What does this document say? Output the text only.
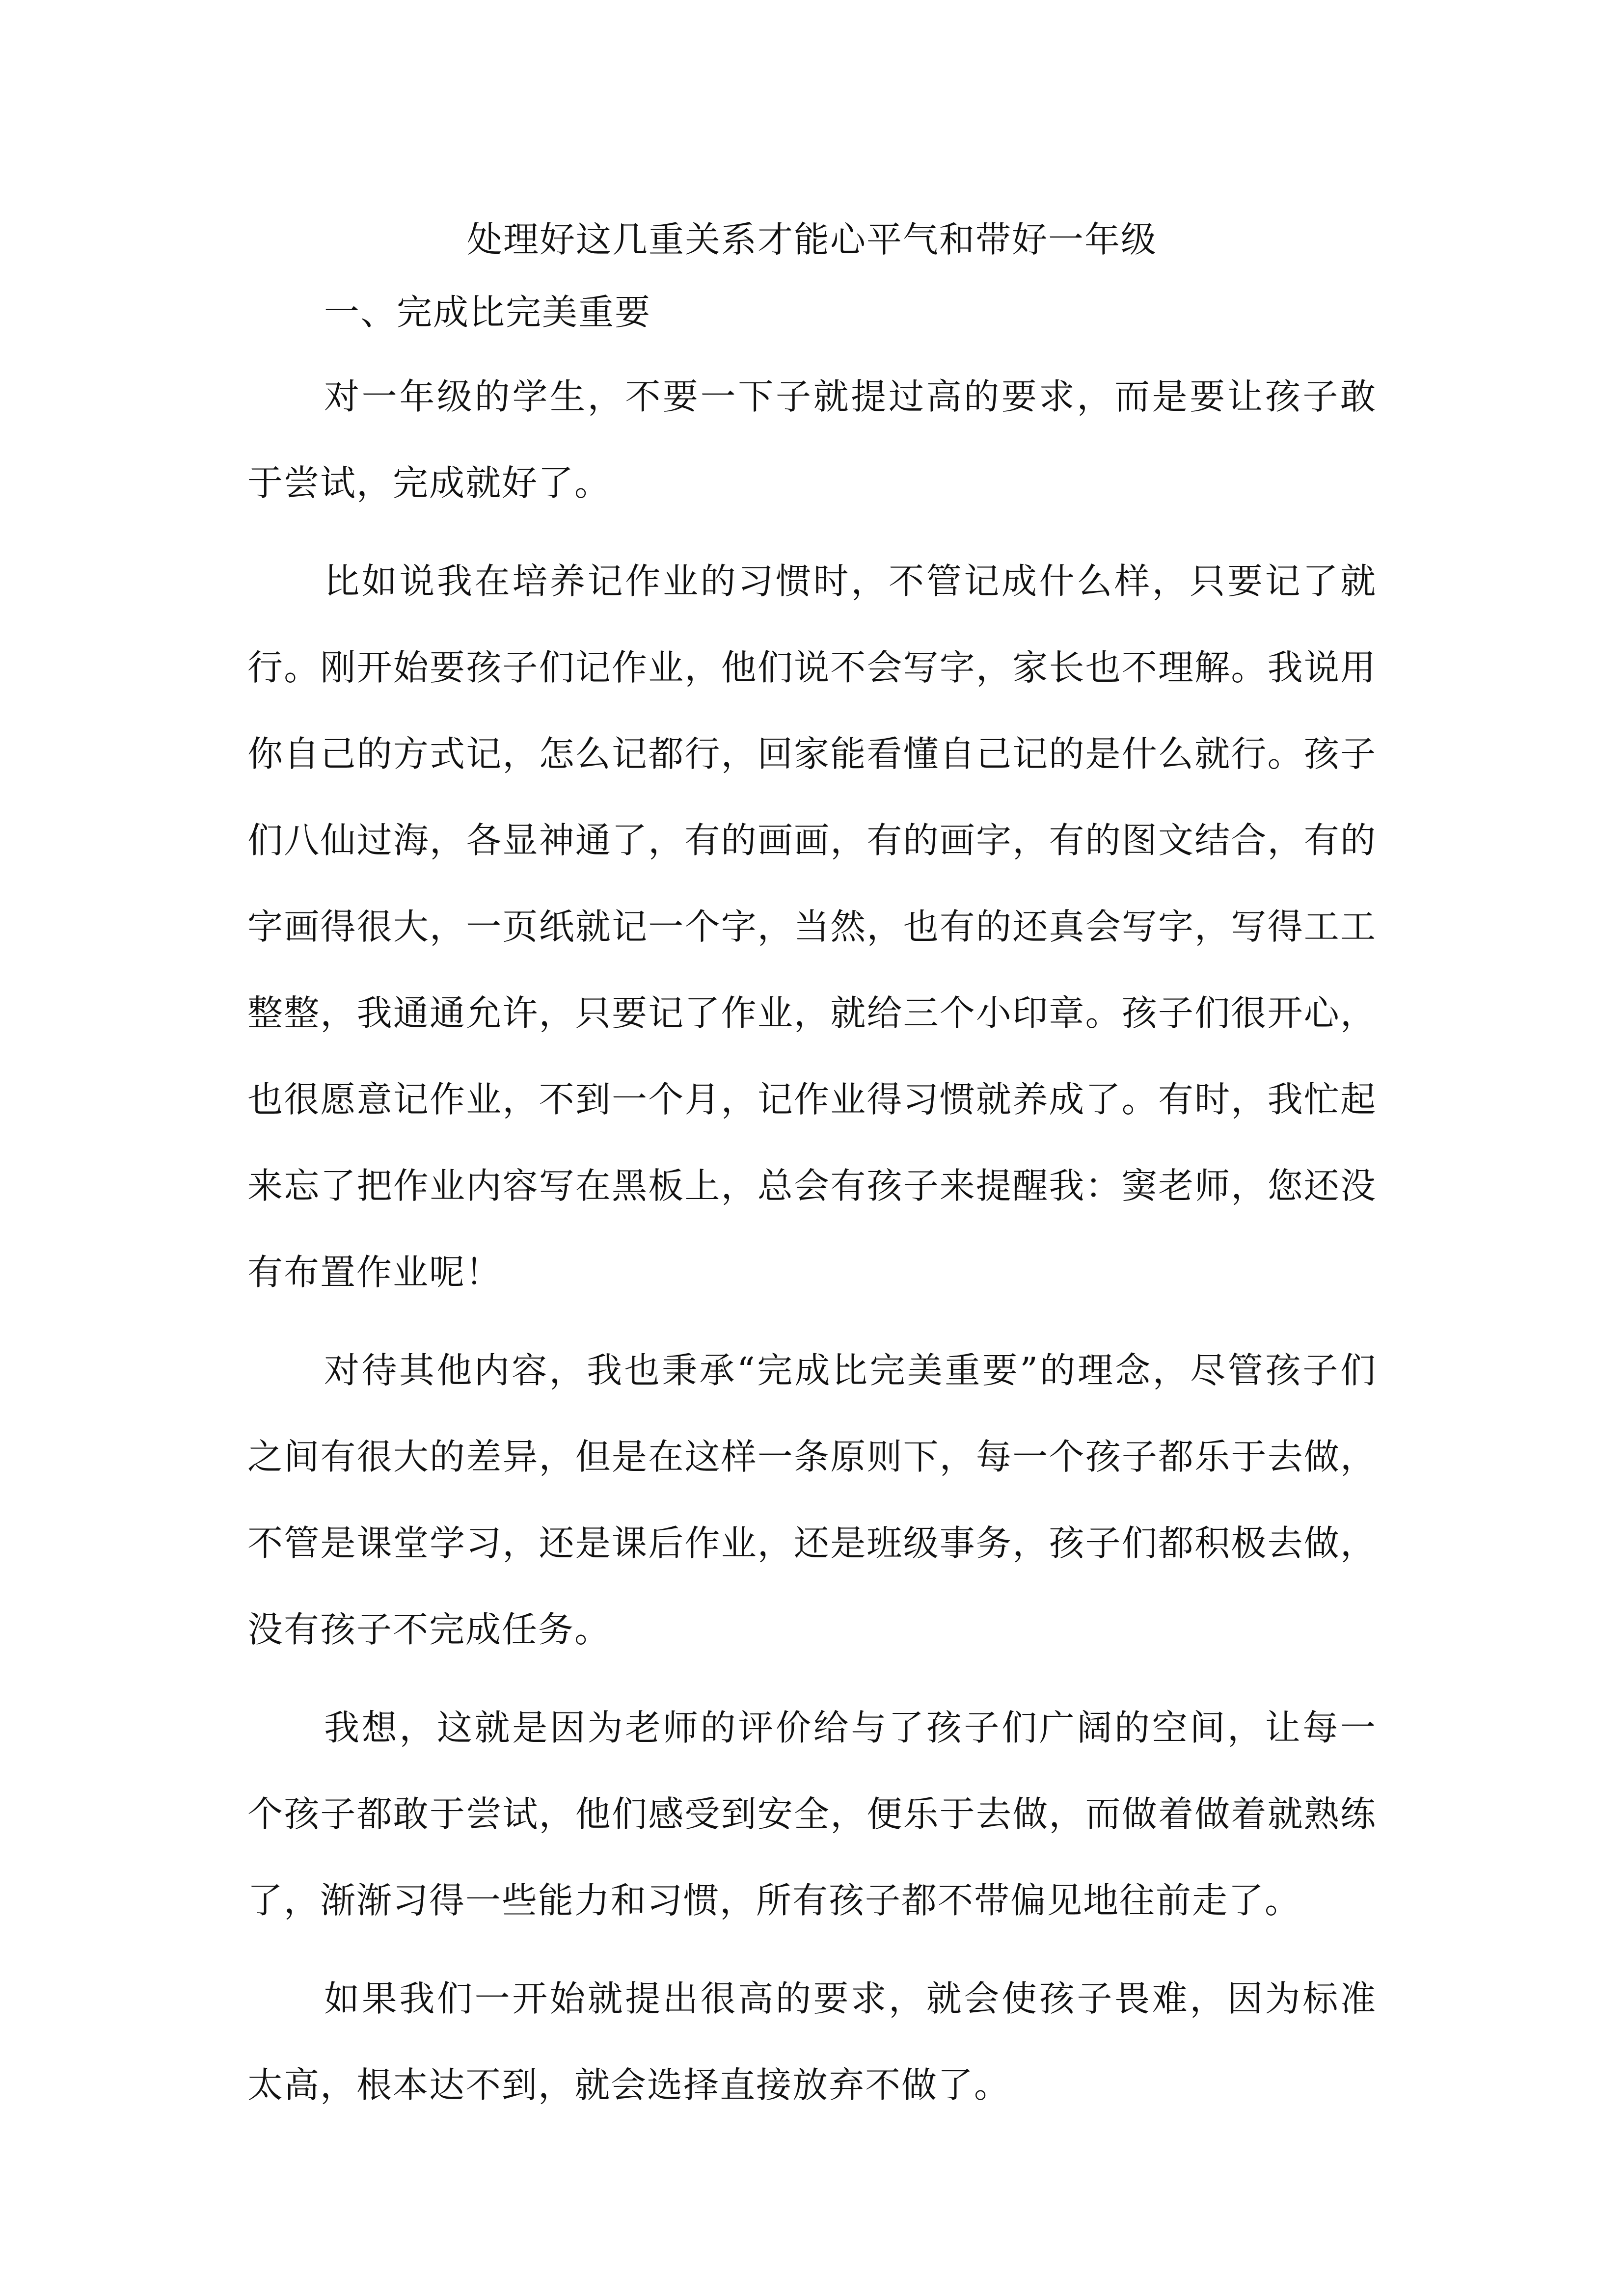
处理好这几重关系才能心平气和带好一年级
一、完成比完美重要

对一年级的学生，不要一下子就提过高的要求，而是要让孩子敢于尝试，完成就好了。

比如说我在培养记作业的习惯时，不管记成什么样，只要记了就行。刚开始要孩子们记作业，他们说不会写字，家长也不理解。我说用你自己的方式记，怎么记都行，回家能看懂自己记的是什么就行。孩子们八仙过海，各显神通了，有的画画，有的画字，有的图文结合，有的字画得很大，一页纸就记一个字，当然，也有的还真会写字，写得工工整整，我通通允许，只要记了作业，就给三个小印章。孩子们很开心，也很愿意记作业，不到一个月，记作业得习惯就养成了。有时，我忙起来忘了把作业内容写在黑板上，总会有孩子来提醒我：窦老师，您还没有布置作业呢！

对待其他内容，我也秉承“完成比完美重要”的理念，尽管孩子们之间有很大的差异，但是在这样一条原则下，每一个孩子都乐于去做，不管是课堂学习，还是课后作业，还是班级事务，孩子们都积极去做，没有孩子不完成任务。

我想，这就是因为老师的评价给与了孩子们广阔的空间，让每一个孩子都敢于尝试，他们感受到安全，便乐于去做，而做着做着就熟练了，渐渐习得一些能力和习惯，所有孩子都不带偏见地往前走了。

如果我们一开始就提出很高的要求，就会使孩子畏难，因为标准太高，根本达不到，就会选择直接放弃不做了。
